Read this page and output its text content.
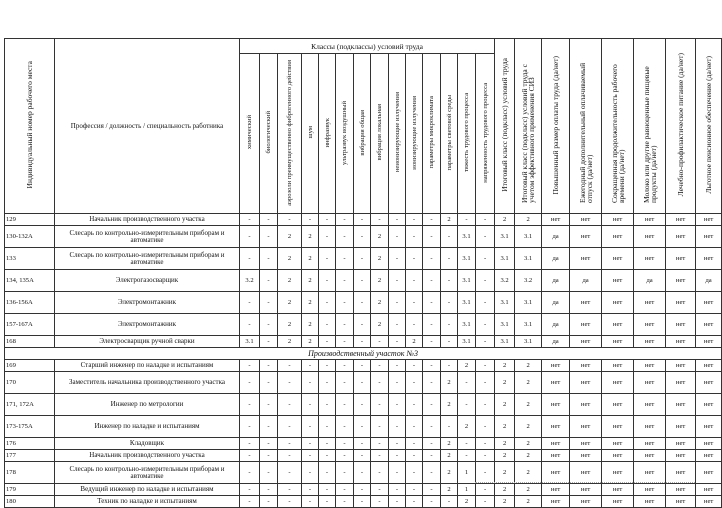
Индивидуальный номер рабочего места	Профессия / должность / специальность работника	Классы (подклассы) условий труда														Итоговый класс (подкласс) условий труда	Итоговый класс (подкласс) условий труда с учетом эффективного применения СИЗ	Повышенный размер оплаты труда (да/нет)	Ежегодный дополнительный оплачиваемый отпуск (да/нет)	Сокращенная продолжительность рабочего времени (да/нет)	Молоко или другие равноценные пищевые продукты (да/нет)	Лечебно-профилактическое питание (да/нет)	Льготное пенсионное обеспечение (да/нет)
		химический	биологический	аэрозоли преимущественно фиброгенного действия	шум	инфразвук	ультразвук воздушный	вибрация общая	вибрация локальная	неионизирующие излучения	ионизирующие излучения	параметры микроклимата	параметры световой среды	тяжесть трудового процесса	напряженность трудового процесса								
129	Начальник производственного участка	-	-	-	-	-	-	-	-	-	-	-	2	-	-	2	2	нет	нет	нет	нет	нет	нет
130-132А	Слесарь по контрольно-измерительным приборам и автоматике	-	-	2	2	-	-	-	2	-	-	-	-	3.1	-	3.1	3.1	да	нет	нет	нет	нет	нет
133	Слесарь по контрольно-измерительным приборам и автоматике	-	-	2	2	-	-	-	2	-	-	-	-	3.1	-	3.1	3.1	да	нет	нет	нет	нет	нет
134, 135А	Электрогазосварщик	3.2	-	2	2	-	-	-	2	-	-	-	-	3.1	-	3.2	3.2	да	да	нет	да	нет	да
136-156А	Электромонтажник	-	-	2	2	-	-	-	2	-	-	-	-	3.1	-	3.1	3.1	да	нет	нет	нет	нет	нет
157-167А	Электромонтажник	-	-	2	2	-	-	-	2	-	-	-	-	3.1	-	3.1	3.1	да	нет	нет	нет	нет	нет
168	Электросварщик ручной сварки	3.1	-	2	2	-	-	-	-	-	2	-	-	3.1	-	3.1	3.1	да	нет	нет	нет	нет	нет
Производственный участок №3																							
169	Старший инженер по наладке и испытаниям	-	-	-	-	-	-	-	-	-	-	-	-	2	-	2	2	нет	нет	нет	нет	нет	нет
170	Заместитель начальника производственного участка	-	-	-	-	-	-	-	-	-	-	-	2	-	-	2	2	нет	нет	нет	нет	нет	нет
171, 172А	Инженер по метрологии	-	-	-	-	-	-	-	-	-	-	-	2	-	-	2	2	нет	нет	нет	нет	нет	нет
173-175А	Инженер по наладке и испытаниям	-	-	-	-	-	-	-	-	-	-	-	-	2	-	2	2	нет	нет	нет	нет	нет	нет
176	Кладовщик	-	-	-	-	-	-	-	-	-	-	-	2	-	-	2	2	нет	нет	нет	нет	нет	нет
177	Начальник производственного участка	-	-	-	-	-	-	-	-	-	-	-	2	-	-	2	2	нет	нет	нет	нет	нет	нет
178	Слесарь по контрольно-измерительным приборам и автоматике	-	-	-	-	-	-	-	-	-	-	-	2	1	-	2	2	нет	нет	нет	нет	нет	нет
179	Ведущий инженер по наладке и испытаниям	-	-	-	-	-	-	-	-	-	-	-	2	1	-	2	2	нет	нет	нет	нет	нет	нет
180	Техник по наладке и испытаниям	-	-	-	-	-	-	-	-	-	-	-	-	2	-	2	2	нет	нет	нет	нет	нет	нет
